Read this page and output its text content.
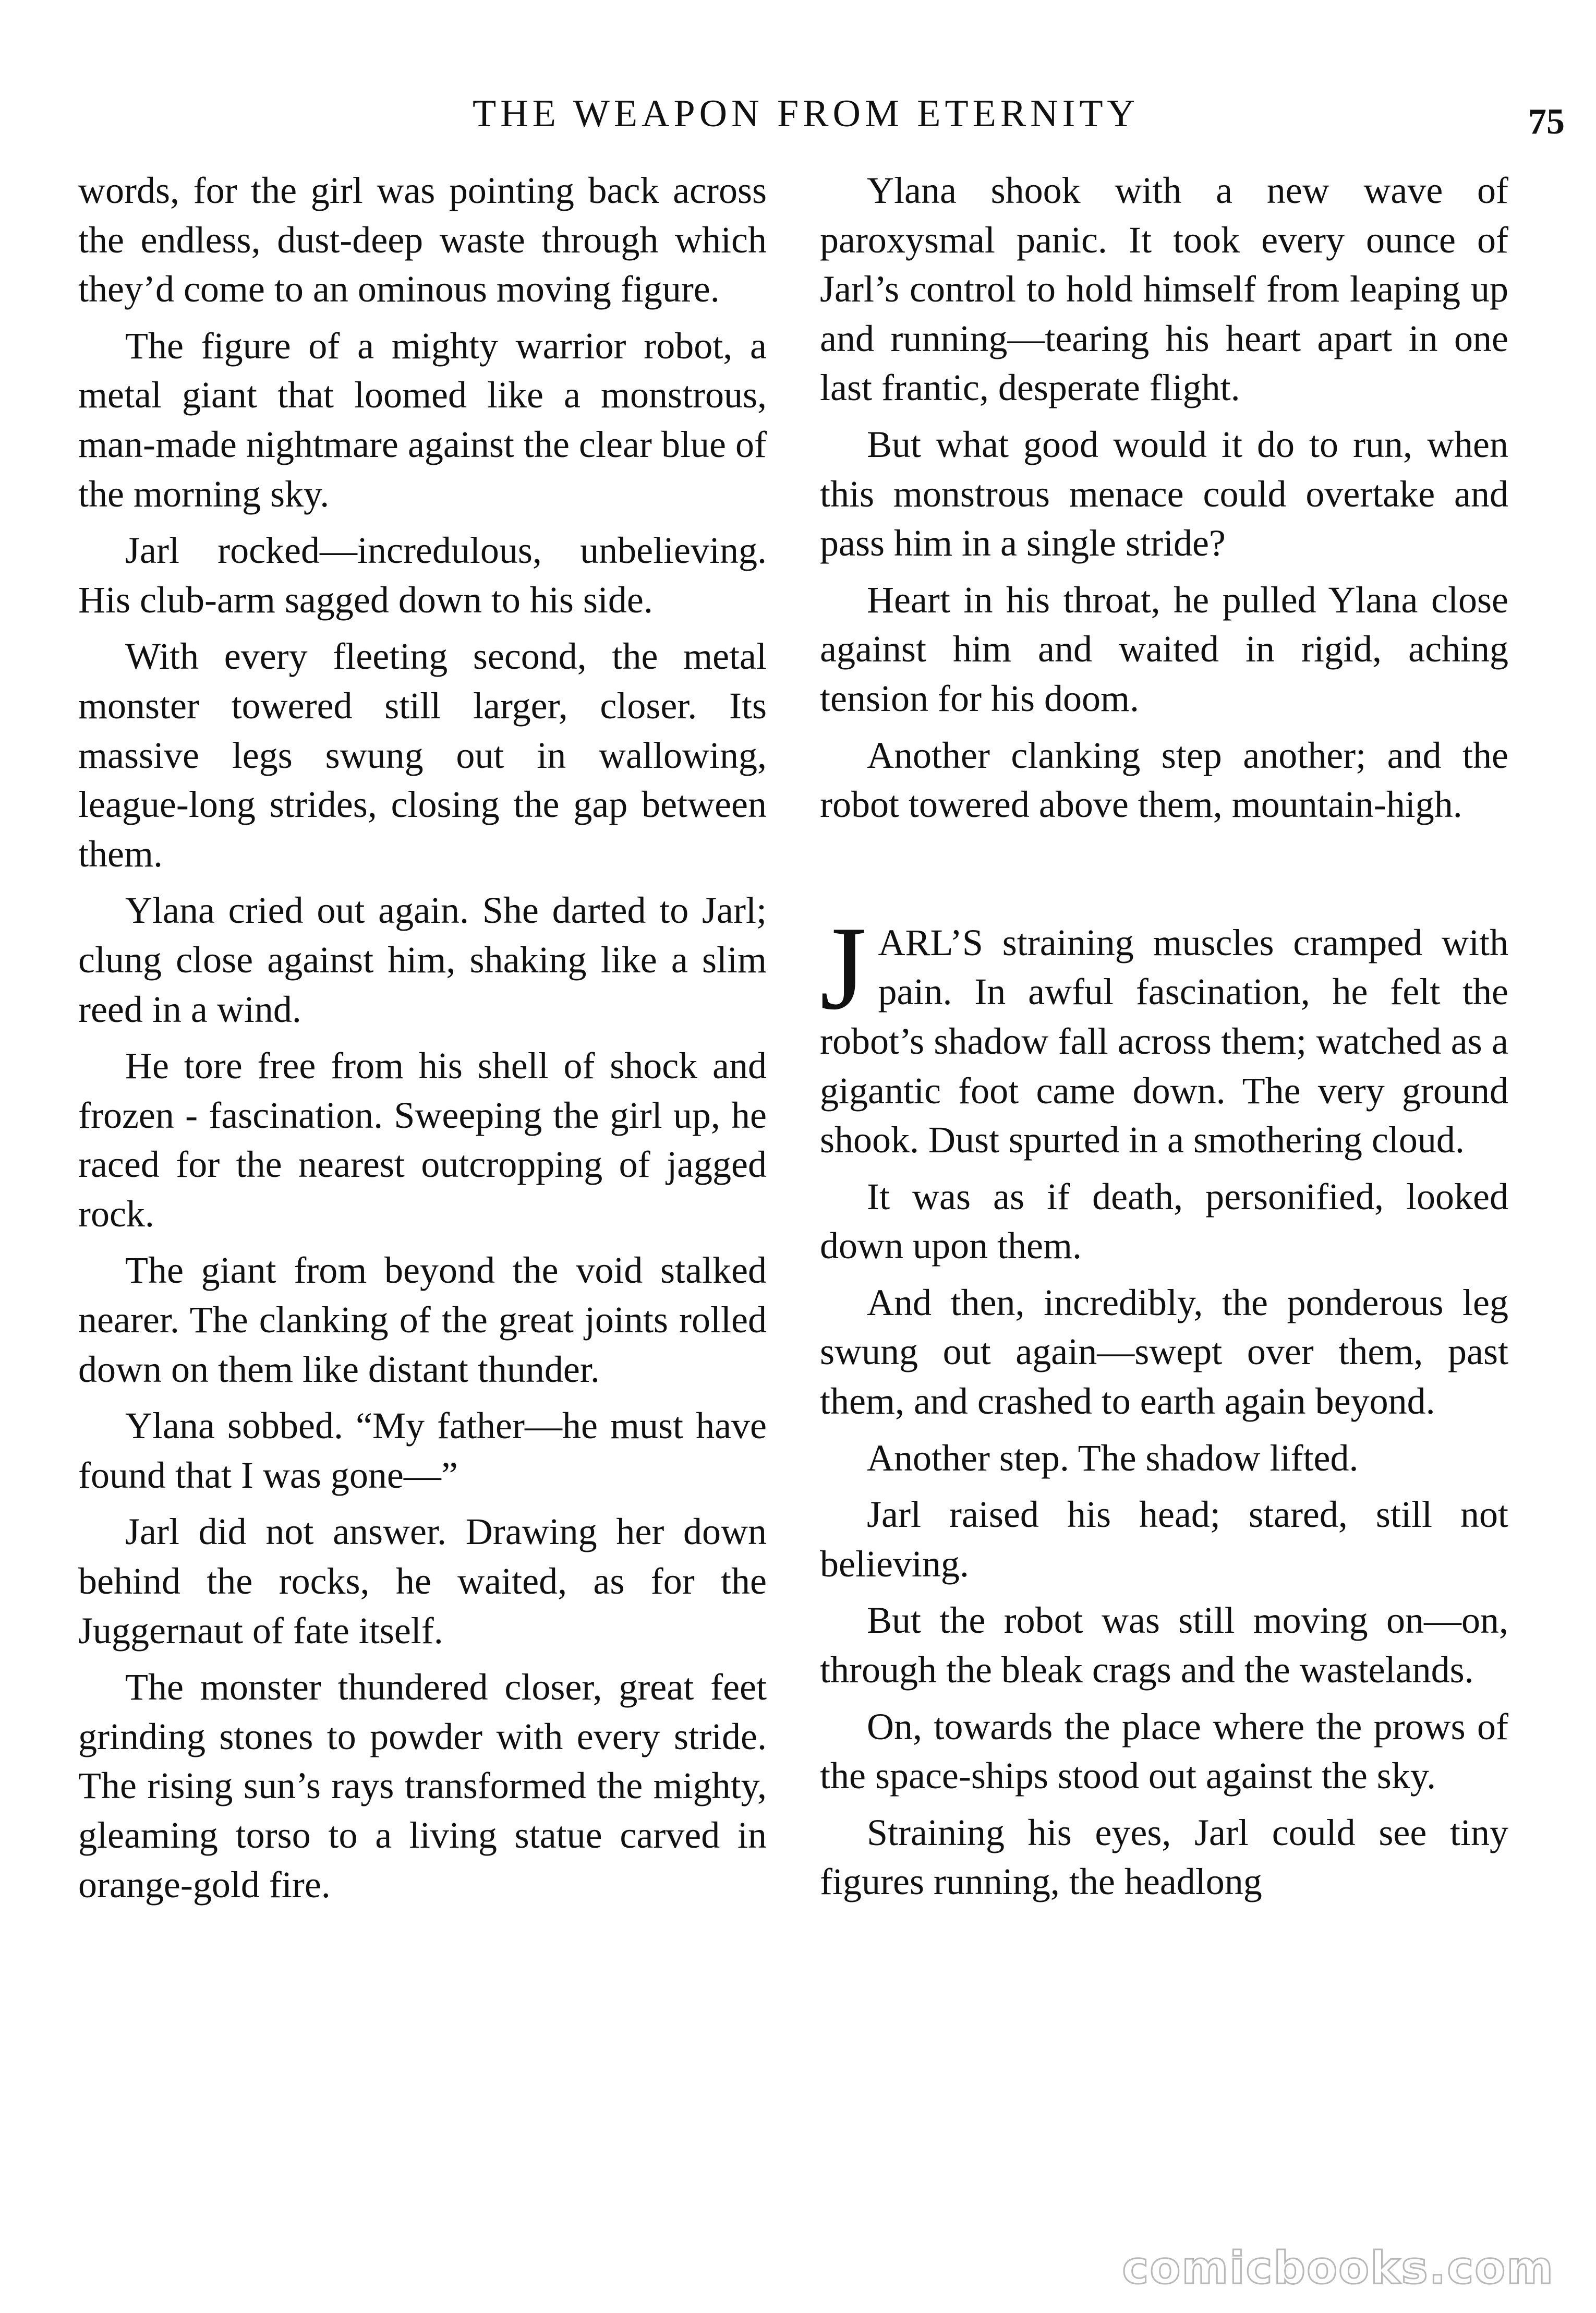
THE WEAPON FROM ETERNITY	75

words, for the girl was pointing back across the endless, dust-deep waste through which they’d come to an ominous moving figure.

The figure of a mighty warrior robot, a metal giant that loomed like a monstrous, man-made nightmare against the clear blue of the morning sky.

Jarl rocked—incredulous, unbelieving. His club-arm sagged down to his side.

With every fleeting second, the metal monster towered still larger, closer. Its massive legs swung out in wallowing, league-long strides, closing the gap between them.

Ylana cried out again. She darted to Jarl; clung close against him, shaking like a slim reed in a wind.

He tore free from his shell of shock and frozen - fascination. Sweeping the girl up, he raced for the nearest outcropping of jagged rock.

The giant from beyond the void stalked nearer. The clanking of the great joints rolled down on them like distant thunder.

Ylana sobbed. “My father—he must have found that I was gone—”

Jarl did not answer. Drawing her down behind the rocks, he waited, as for the Juggernaut of fate itself.

The monster thundered closer, great feet grinding stones to powder with every stride. The rising sun’s rays transformed the mighty, gleaming torso to a living statue carved in orange-gold fire.

Ylana shook with a new wave of paroxysmal panic. It took every ounce of Jarl’s control to hold himself from leaping up and running—tearing his heart apart in one last frantic, desperate flight.

But what good would it do to run, when this monstrous menace could overtake and pass him in a single stride?

Heart in his throat, he pulled Ylana close against him and waited in rigid, aching tension for his doom.

Another clanking step another; and the robot towered above them, mountain-high.

JARL’S straining muscles cramped with pain. In awful fascination, he felt the robot’s shadow fall across them; watched as a gigantic foot came down. The very ground shook. Dust spurted in a smothering cloud.

It was as if death, personified, looked down upon them.

And then, incredibly, the ponderous leg swung out again—swept over them, past them, and crashed to earth again beyond.

Another step. The shadow lifted.

Jarl raised his head; stared, still not believing.

But the robot was still moving on—on, through the bleak crags and the wastelands.

On, towards the place where the prows of the space-ships stood out against the sky.

Straining his eyes, Jarl could see tiny figures running, the headlong

comicbooks.com
